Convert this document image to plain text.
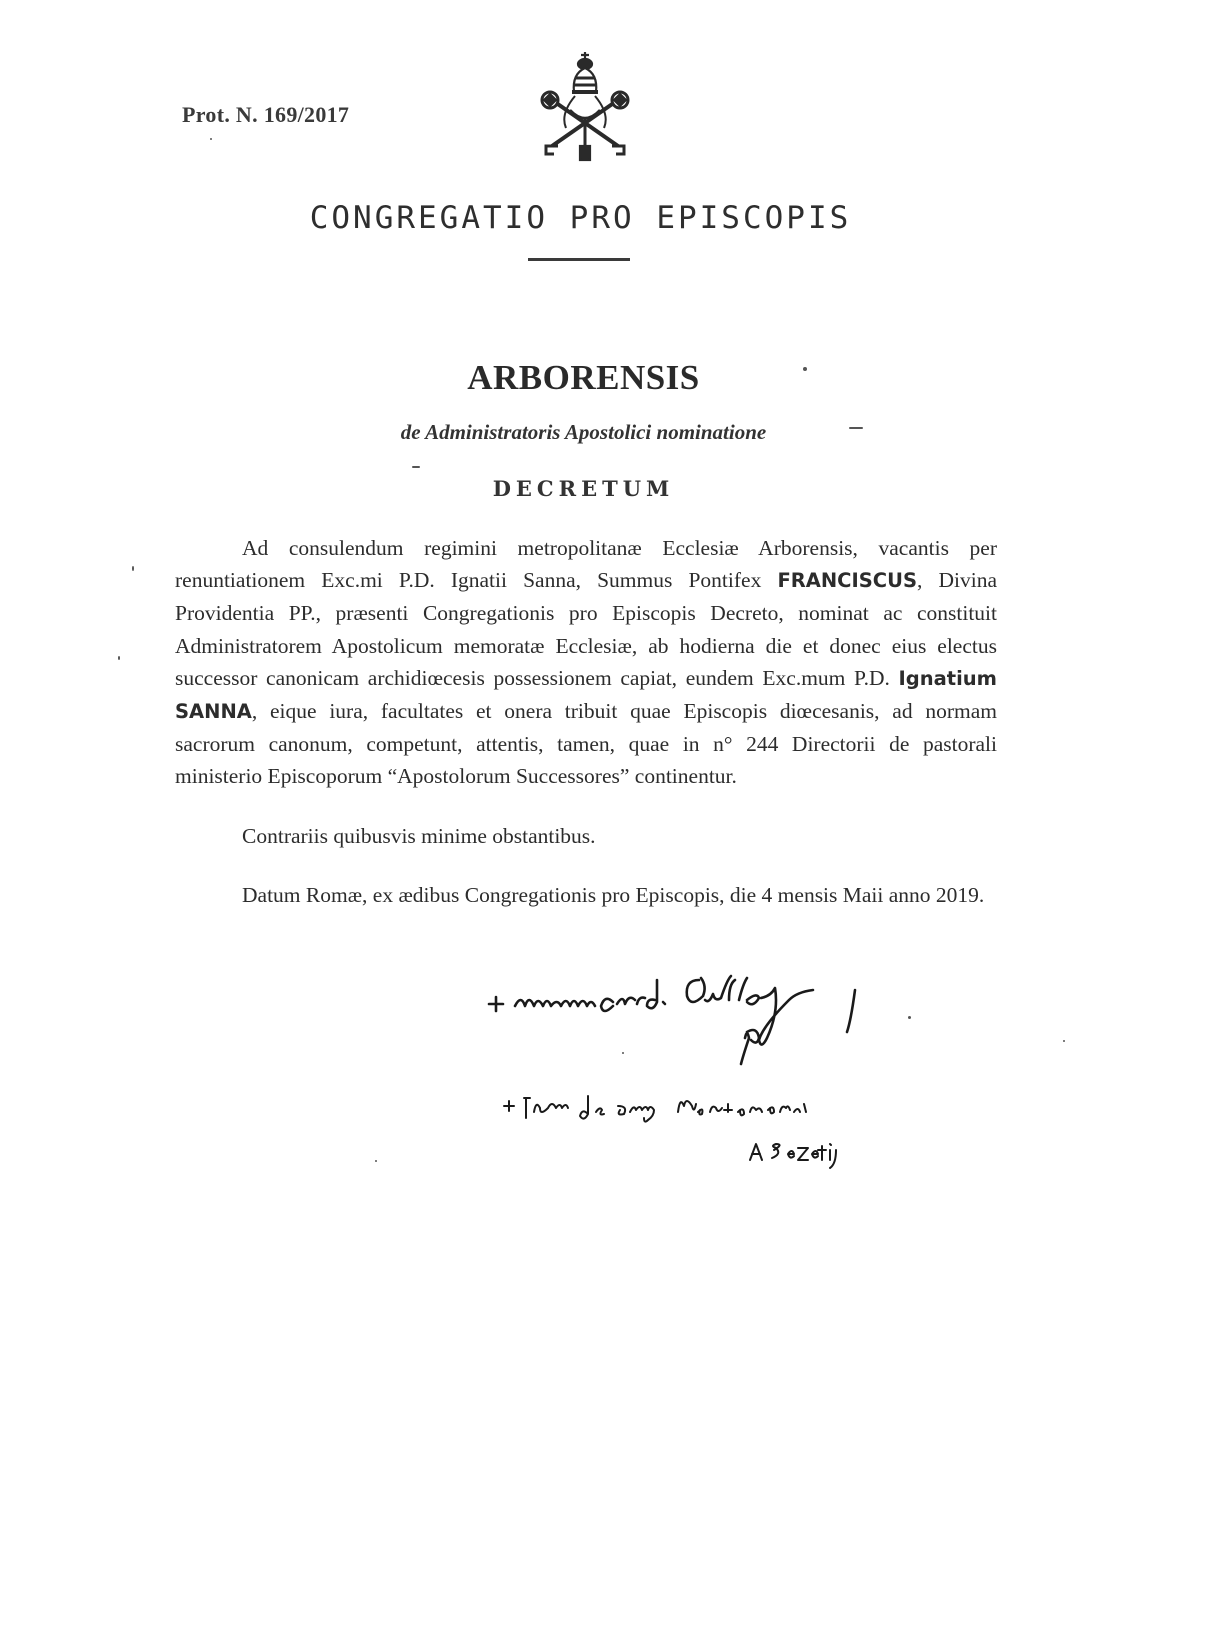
Prot. N. 169/2017
CONGREGATIO PRO EPISCOPIS
ARBORENSIS
de Administratoris Apostolici nominatione
DECRETUM

Ad consulendum regimini metropolitanæ Ecclesiæ Arborensis, vacantis per renuntiationem Exc.mi P.D. Ignatii Sanna, Summus Pontifex FRANCISCUS, Divina Providentia PP., præsenti Congregationis pro Episcopis Decreto, nominat ac constituit Administratorem Apostolicum memoratæ Ecclesiæ, ab hodierna die et donec eius electus successor canonicam archidiœcesis possessionem capiat, eundem Exc.mum P.D. Ignatium SANNA, eique iura, facultates et onera tribuit quae Episcopis diœcesanis, ad normam sacrorum canonum, competunt, attentis, tamen, quae in n° 244 Directorii de pastorali ministerio Episcoporum “Apostolorum Successores” continentur.

Contrariis quibusvis minime obstantibus.

Datum Romæ, ex ædibus Congregationis pro Episcopis, die 4 mensis Maii anno 2019.
